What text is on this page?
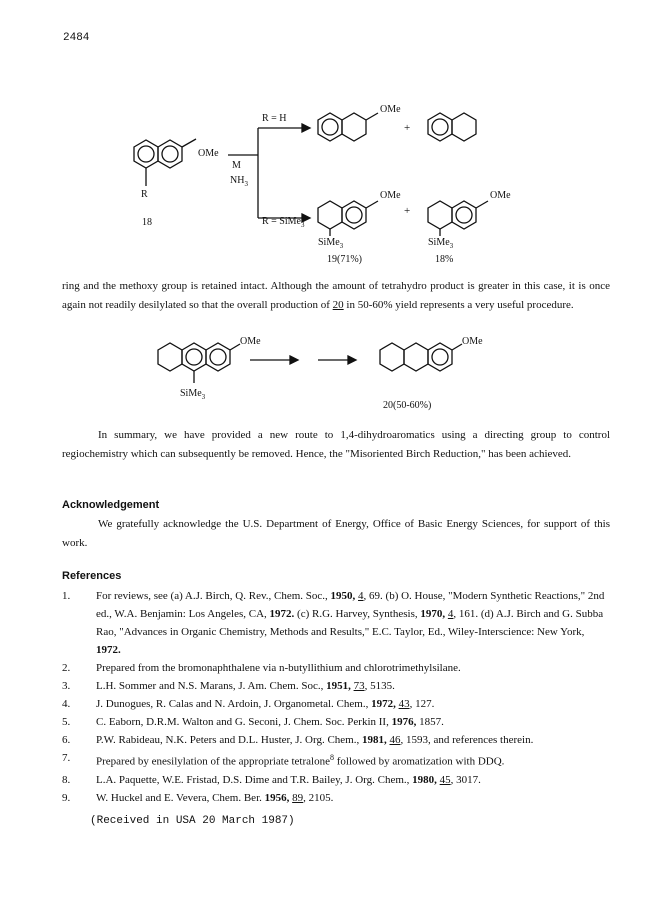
2484
OMe
R
18
M
$NH_3$
R = H
R = SiMe$_3$
OMe
+
OMe
+
OMe
SiMe$_3$	SiMe$_3$
19(71%)	18%
ring and the methoxy group is retained intact. Although the amount of tetrahydro product is greater in this case, it is once again not readily desilylated so that the overall production of 20 in 50-60% yield represents a very useful procedure.
OMe
SiMe$_3$
OMe
20(50-60%)
In summary, we have provided a new route to 1,4-dihydroaromatics using a directing group to control regiochemistry which can subsequently be removed. Hence, the "Misoriented Birch Reduction," has been achieved.
Acknowledgement
We gratefully acknowledge the U.S. Department of Energy, Office of Basic Energy Sciences, for support of this work.
References
1. For reviews, see (a) A.J. Birch, Q. Rev., Chem. Soc., 1950, 4, 69. (b) O. House, "Modern Synthetic Reactions," 2nd ed., W.A. Benjamin: Los Angeles, CA, 1972. (c) R.G. Harvey, Synthesis, 1970, 4, 161. (d) A.J. Birch and G. Subba Rao, "Advances in Organic Chemistry, Methods and Results," E.C. Taylor, Ed., Wiley-Interscience: New York, 1972.
2. Prepared from the bromonaphthalene via n-butyllithium and chlorotrimethylsilane.
3. L.H. Sommer and N.S. Marans, J. Am. Chem. Soc., 1951, 73, 5135.
4. J. Dunogues, R. Calas and N. Ardoin, J. Organometal. Chem., 1972, 43, 127.
5. C. Eaborn, D.R.M. Walton and G. Seconi, J. Chem. Soc. Perkin II, 1976, 1857.
6. P.W. Rabideau, N.K. Peters and D.L. Huster, J. Org. Chem., 1981, 46, 1593, and references therein.
7. Prepared by enesilylation of the appropriate tetralone$^8$ followed by aromatization with DDQ.
8. L.A. Paquette, W.E. Fristad, D.S. Dime and T.R. Bailey, J. Org. Chem., 1980, 45, 3017.
9. W. Huckel and E. Vevera, Chem. Ber. 1956, 89, 2105.
(Received in USA 20 March 1987)
